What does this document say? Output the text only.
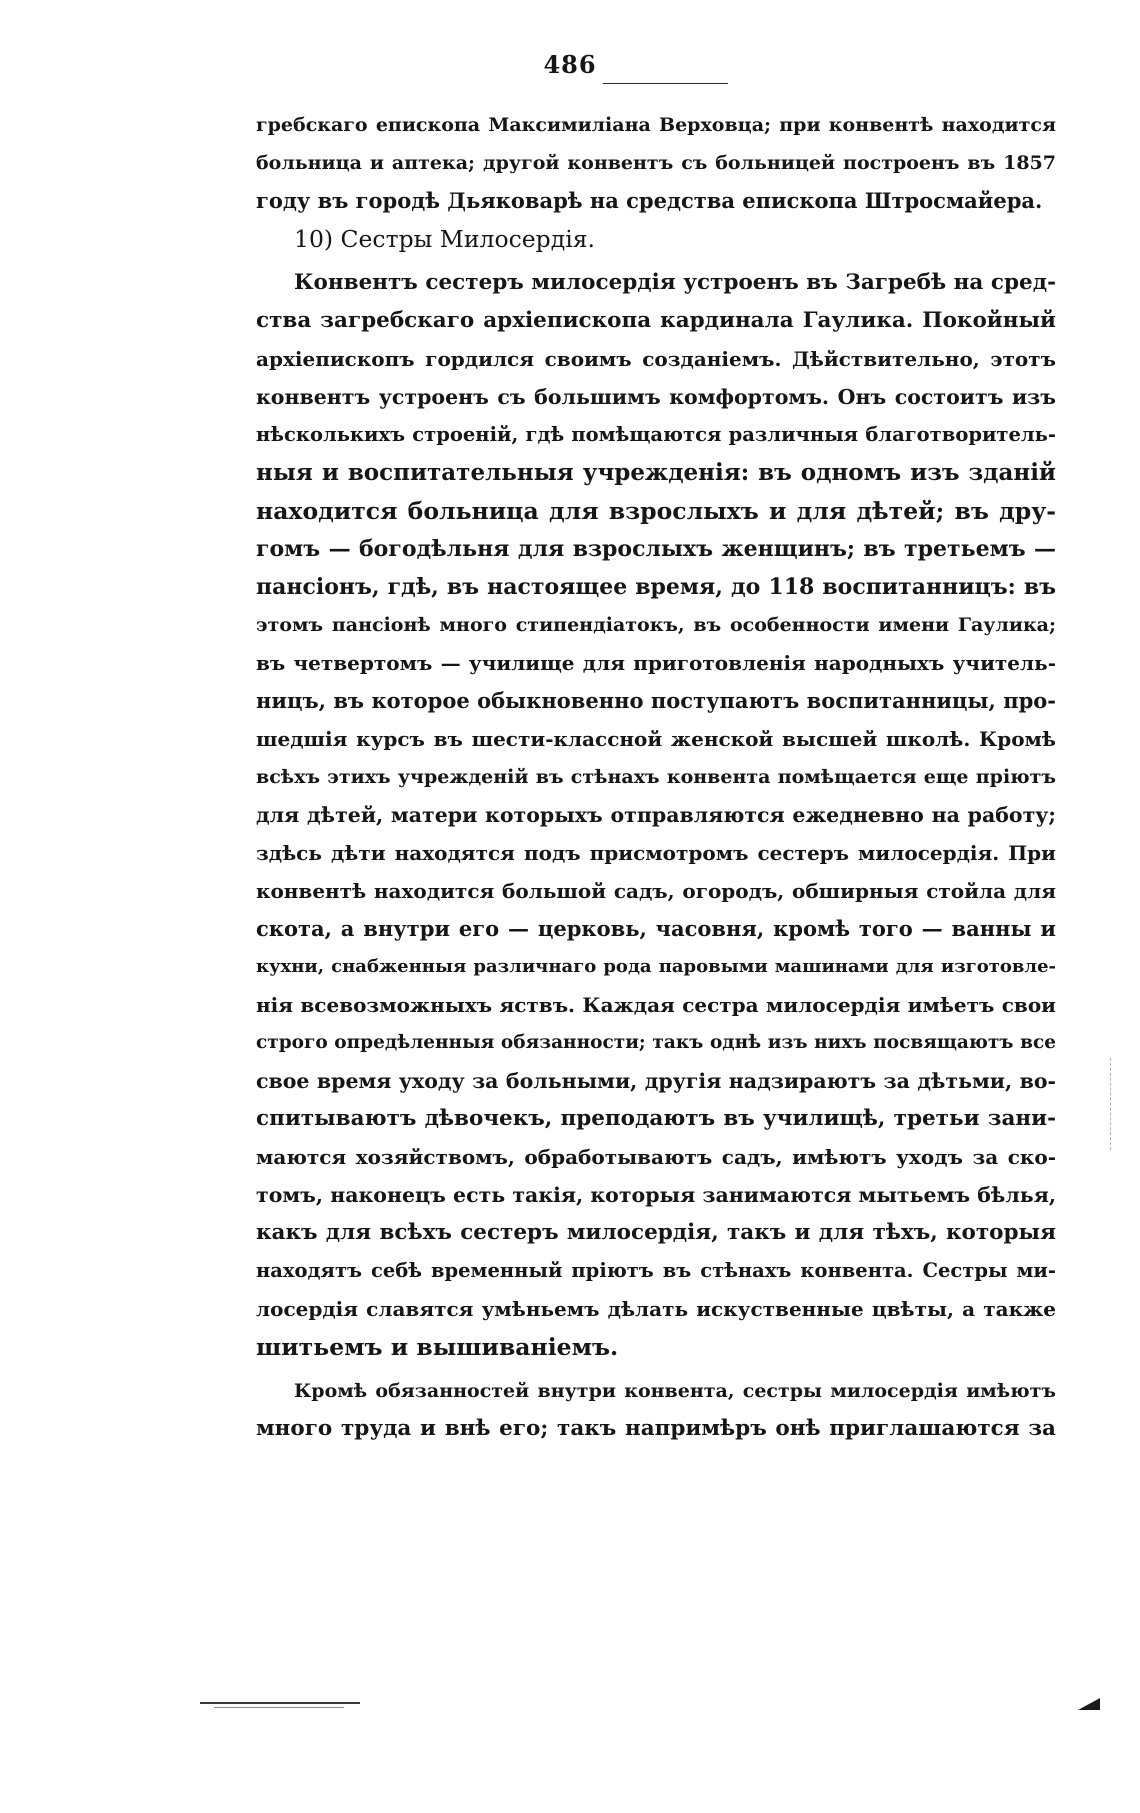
486
гребскаго епископа Максимиліана Верховца; при конвентѣ находится
больница и аптека; другой конвентъ съ больницей построенъ въ 1857
году въ городѣ Дьяковарѣ на средства епископа Штросмайера.
10) Сестры Милосердія.
Конвентъ сестеръ милосердія устроенъ въ Загребѣ на сред-
ства загребскаго архіепископа кардинала Гаулика. Покойный
архіепископъ гордился своимъ созданіемъ. Дѣйствительно, этотъ
конвентъ устроенъ съ большимъ комфортомъ. Онъ состоитъ изъ
нѣсколькихъ строеній, гдѣ помѣщаются различныя благотворитель-
ныя и воспитательныя учрежденія: въ одномъ изъ зданій
находится больница для взрослыхъ и для дѣтей; въ дру-
гомъ — богодѣльня для взрослыхъ женщинъ; въ третьемъ —
пансіонъ, гдѣ, въ настоящее время, до 118 воспитанницъ: въ
этомъ пансіонѣ много стипендіатокъ, въ особенности имени Гаулика;
въ четвертомъ — училище для приготовленія народныхъ учитель-
ницъ, въ которое обыкновенно поступаютъ воспитанницы, про-
шедшія курсъ въ шести-классной женской высшей школѣ. Кромѣ
всѣхъ этихъ учрежденій въ стѣнахъ конвента помѣщается еще пріютъ
для дѣтей, матери которыхъ отправляются ежедневно на работу;
здѣсь дѣти находятся подъ присмотромъ сестеръ милосердія. При
конвентѣ находится большой садъ, огородъ, обширныя стойла для
скота, а внутри его — церковь, часовня, кромѣ того — ванны и
кухни, снабженныя различнаго рода паровыми машинами для изготовле-
нія всевозможныхъ яствъ. Каждая сестра милосердія имѣетъ свои
строго опредѣленныя обязанности; такъ однѣ изъ нихъ посвящаютъ все
свое время уходу за больными, другія надзираютъ за дѣтьми, во-
спитываютъ дѣвочекъ, преподаютъ въ училищѣ, третьи зани-
маются хозяйствомъ, обработываютъ садъ, имѣютъ уходъ за ско-
томъ, наконецъ есть такія, которыя занимаются мытьемъ бѣлья,
какъ для всѣхъ сестеръ милосердія, такъ и для тѣхъ, которыя
находятъ себѣ временный пріютъ въ стѣнахъ конвента. Сестры ми-
лосердія славятся умѣньемъ дѣлать искуственные цвѣты, а также
шитьемъ и вышиваніемъ.
Кромѣ обязанностей внутри конвента, сестры милосердія имѣютъ
много труда и внѣ его; такъ напримѣръ онѣ приглашаются за
